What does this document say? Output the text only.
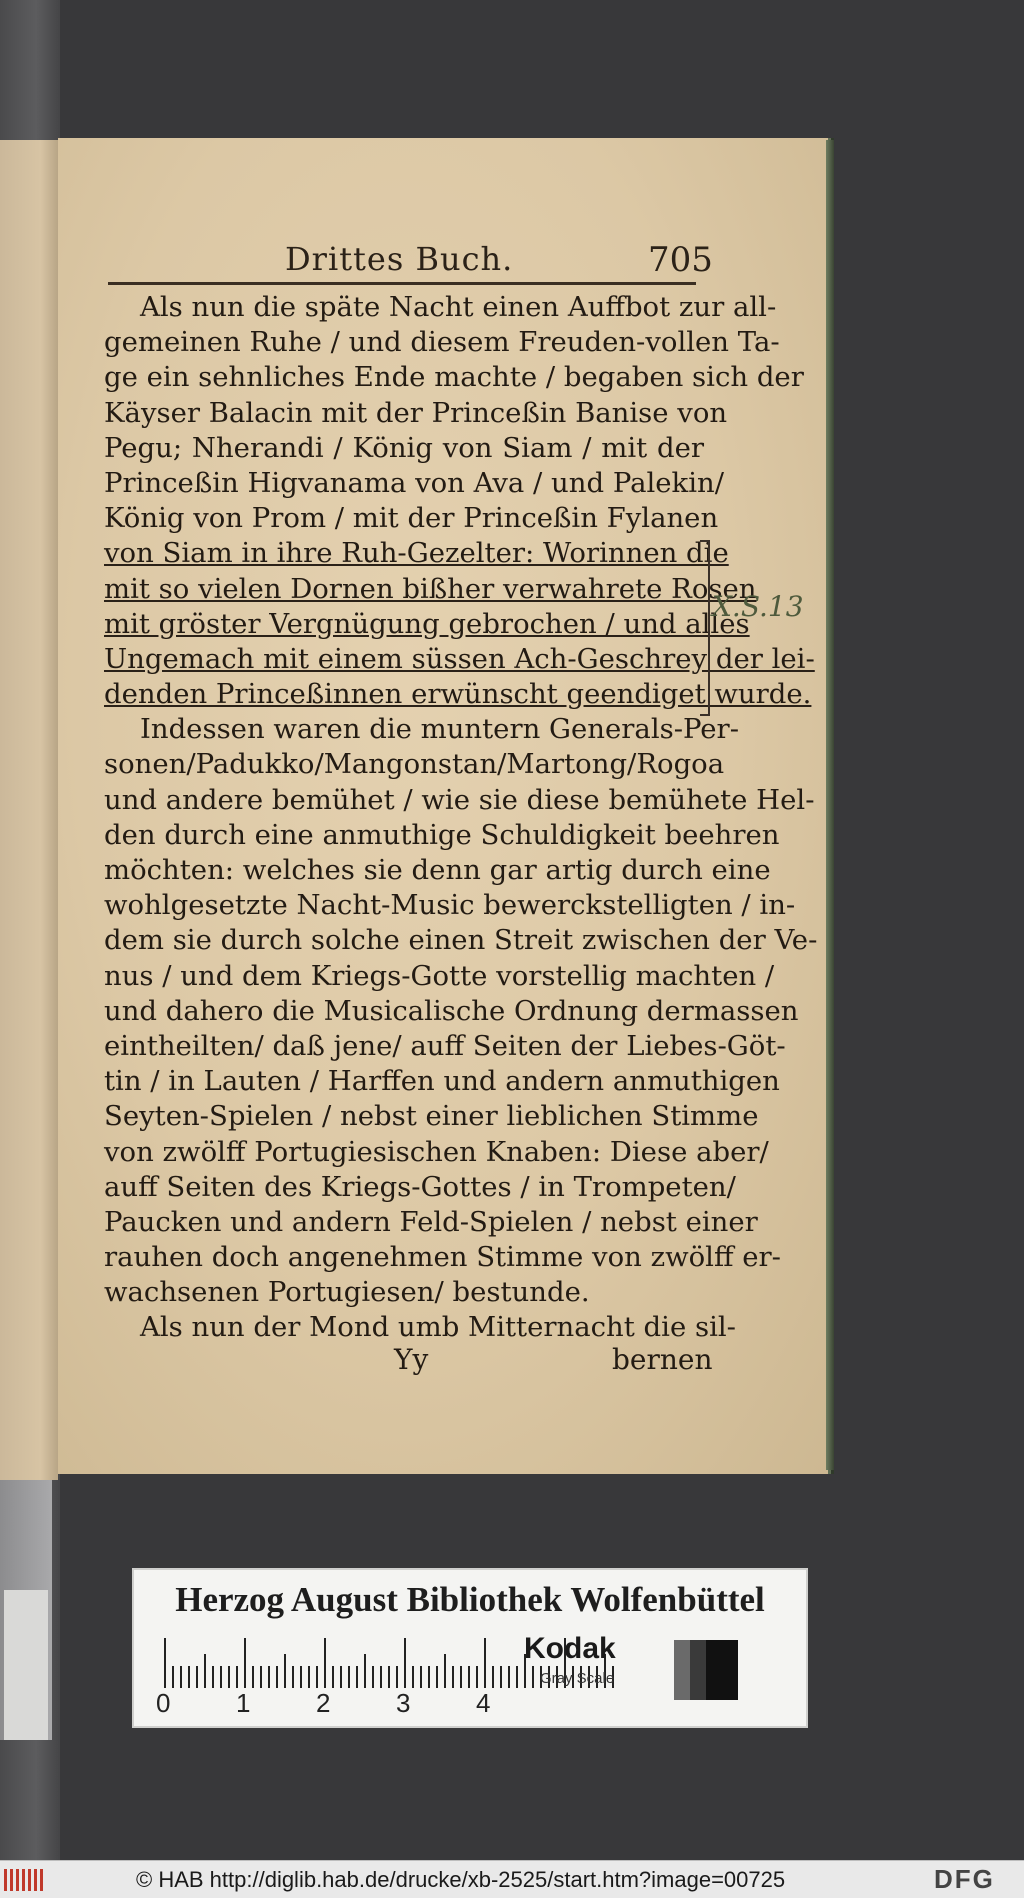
Drittes Buch.	705
Als nun die späte Nacht einen Auffbot zur all-
gemeinen Ruhe / und diesem Freuden-vollen Ta-
ge ein sehnliches Ende machte / begaben sich der
Käyser Balacin mit der Princeßin Banise von
Pegu; Nherandi / König von Siam / mit der
Princeßin Higvanama von Ava / und Palekin/
König von Prom / mit der Princeßin Fylanen
von Siam in ihre Ruh-Gezelter: Worinnen die
mit so vielen Dornen bißher verwahrete Rosen
mit gröster Vergnügung gebrochen / und alles
Ungemach mit einem süssen Ach-Geschrey der lei-
denden Princeßinnen erwünscht geendiget wurde.
Indessen waren die muntern Generals-Per-
sonen/Padukko/Mangonstan/Martong/Rogoa
und andere bemühet / wie sie diese bemühete Hel-
den durch eine anmuthige Schuldigkeit beehren
möchten: welches sie denn gar artig durch eine
wohlgesetzte Nacht-Music bewerckstelligten / in-
dem sie durch solche einen Streit zwischen der Ve-
nus / und dem Kriegs-Gotte vorstellig machten /
und dahero die Musicalische Ordnung dermassen
eintheilten/ daß jene/ auff Seiten der Liebes-Göt-
tin / in Lauten / Harffen und andern anmuthigen
Seyten-Spielen / nebst einer lieblichen Stimme
von zwölff Portugiesischen Knaben: Diese aber/
auff Seiten des Kriegs-Gottes / in Trompeten/
Paucken und andern Feld-Spielen / nebst einer
rauhen doch angenehmen Stimme von zwölff er-
wachsenen Portugiesen/ bestunde.
Als nun der Mond umb Mitternacht die sil-
X.S.13
Yy	bernen
Herzog August Bibliothek Wolfenbüttel
0	1	2	3	4
Kodak
Gray Scale
© HAB http://diglib.hab.de/drucke/xb-2525/start.htm?image=00725	DFG
